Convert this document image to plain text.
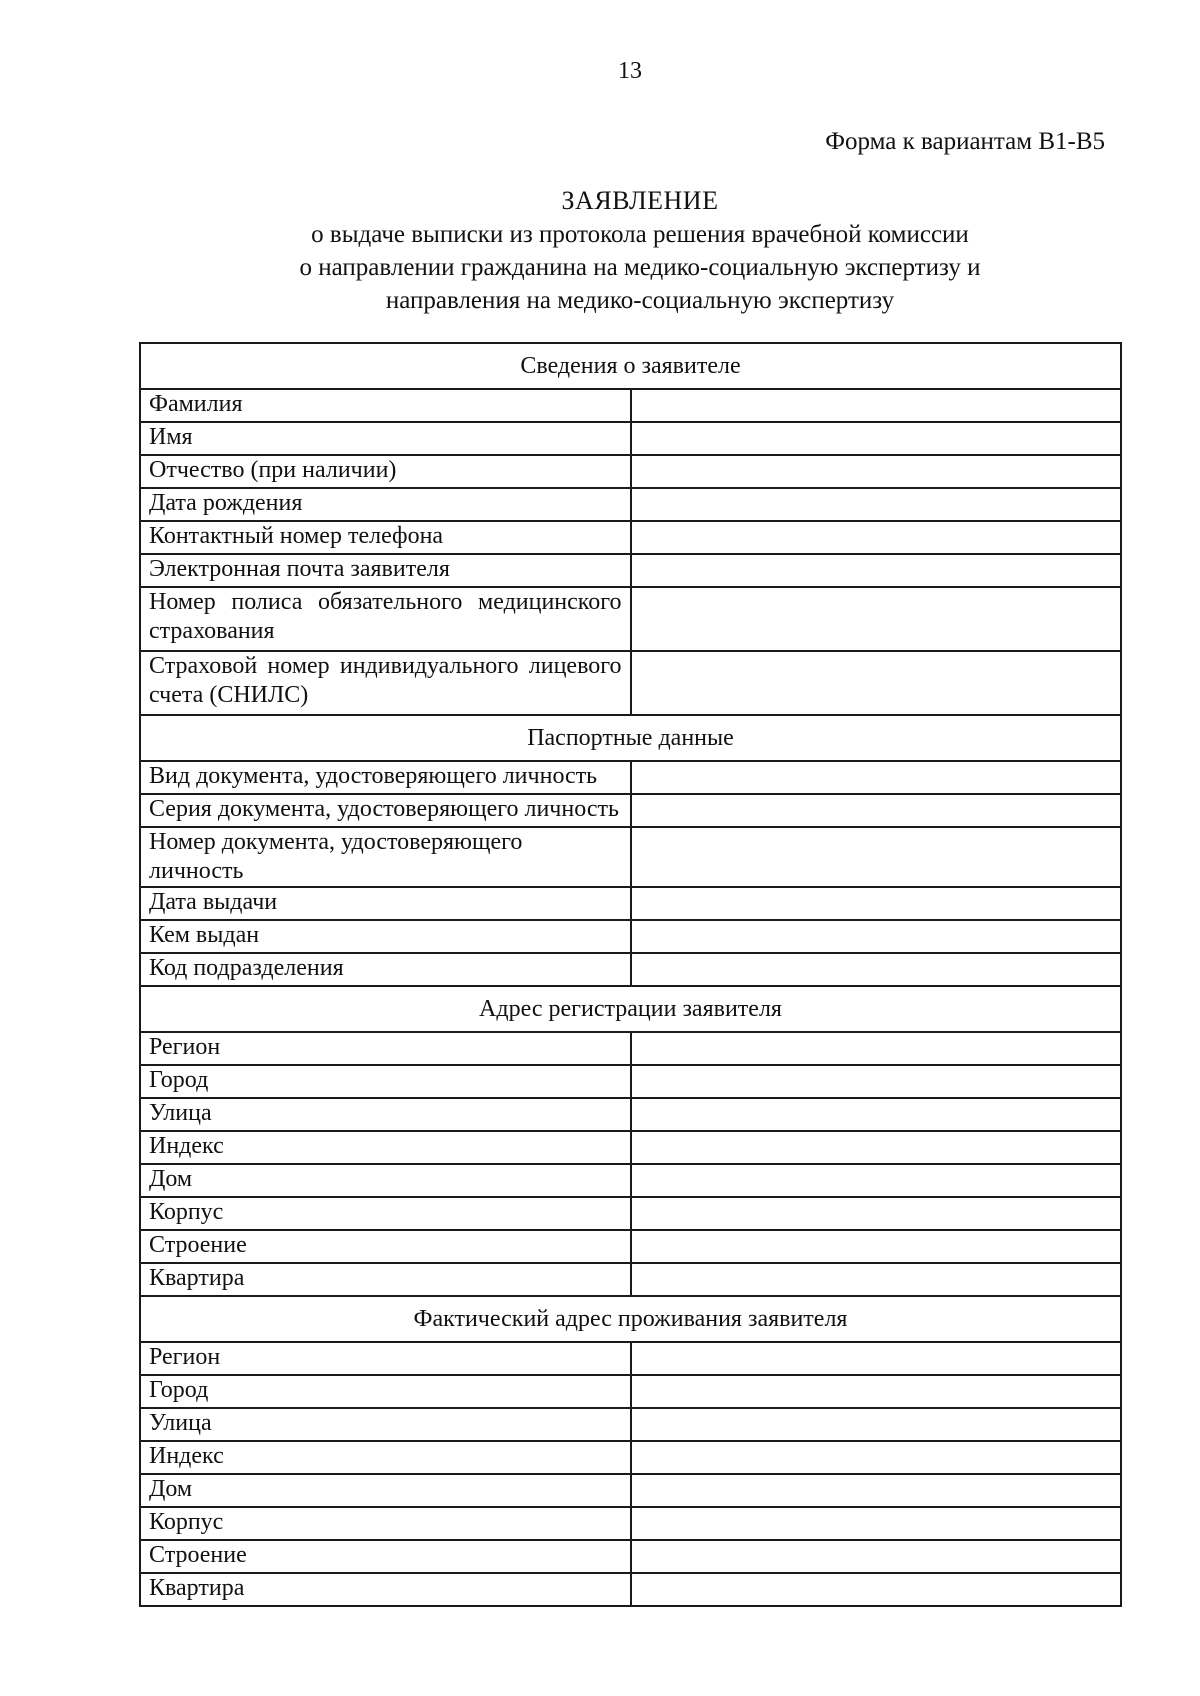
13
Форма к вариантам В1-В5
ЗАЯВЛЕНИЕ
о выдаче выписки из протокола решения врачебной комиссии
о направлении гражданина на медико-социальную экспертизу и
направления на медико-социальную экспертизу
Сведения о заявителе	
Фамилия	
Имя	
Отчество (при наличии)	
Дата рождения	
Контактный номер телефона	
Электронная почта заявителя	
Номер полиса обязательного медицинского страхования	
Страховой номер индивидуального лицевого счета (СНИЛС)	
Паспортные данные	
Вид документа, удостоверяющего личность	
Серия документа, удостоверяющего личность	
Номер документа, удостоверяющего личность	
Дата выдачи	
Кем выдан	
Код подразделения	
Адрес регистрации заявителя	
Регион	
Город	
Улица	
Индекс	
Дом	
Корпус	
Строение	
Квартира	
Фактический адрес проживания заявителя	
Регион	
Город	
Улица	
Индекс	
Дом	
Корпус	
Строение	
Квартира	
